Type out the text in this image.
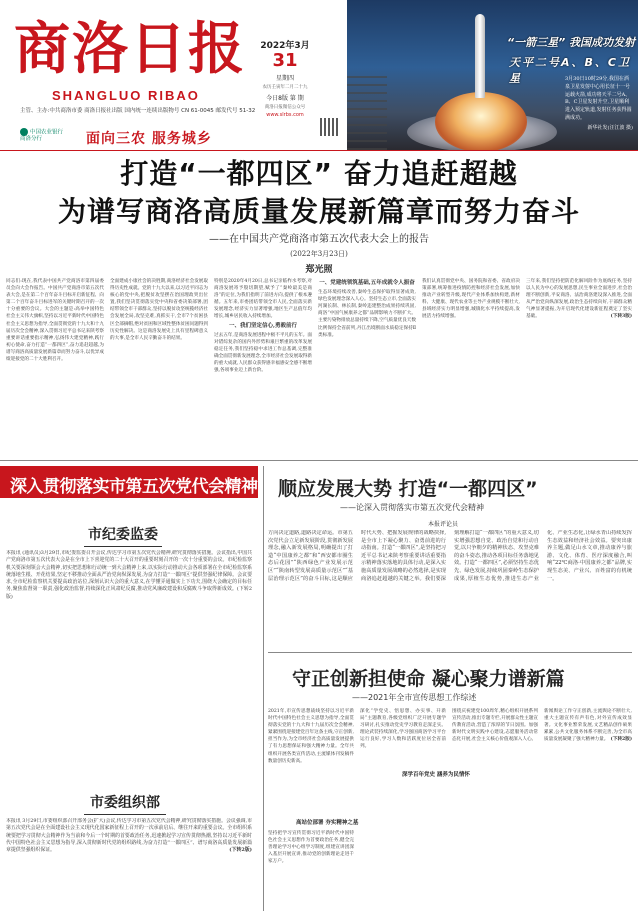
商洛日报
SHANGLUO RIBAO
主管、主办:中共商洛市委 商洛日报社出版 国内统一连续出版物号 CN 61-0045 邮发代号 51-32
中国农业银行
商洛分行	面向三农 服务城乡
2022年3月
31
星期四
农历壬寅年二月二十九
今日8版 第 期
商洛日报微信公众号
www.slrbs.com
“一箭三星” 我国成功发射
天平二号A、B、C卫星	3月30日10时29分,我国在酒泉卫星发射中心用长征十一号运载火箭,成功将天平二号A、B、C卫星发射升空,卫星顺利进入预定轨道,发射任务获得圆满成功。
新华社发(汪江波 摄)
打造“一都四区” 奋力追赶超越
为谱写商洛高质量发展新篇章而努力奋斗
——在中国共产党商洛市第五次代表大会上的报告
(2022年3月23日)
郑光照
同志们:现在,我代表中国共产党商洛市第四届委员会向大会作报告。中国共产党商洛市第五次代表大会,是在第二个百年奋斗目标开启新征程、向第二个百年奋斗目标进军的关键时期召开的一次十分重要的会议。大会的主题是:高举中国特色社会主义伟大旗帜,坚持以习近平新时代中国特色社会主义思想为指导,全面贯彻党的十九大和十九届历次全会精神,深入贯彻习近平总书记来陕考察重要讲话重要指示精神,弘扬伟大建党精神,践行初心使命,奋力打造“一都四区”,奋力追赶超越,为谱写商洛高质量发展新篇章而努力奋斗,以优异成绩迎接党的二十大胜利召开。
全面建成小康社会的决胜期,商洛经济社会发展取得历史性成就。党的十九大以来,以习近平同志为核心的党中央,把脱贫攻坚摆在治国理政突出位置,我们坚决贯彻落实党中央和省委决策部署,团结带领全市干部群众,坚持以脱贫攻坚统揽经济社会发展全局,攻坚克难,真抓实干,全市7个贫困县区全部摘帽,绝对贫困和区域性整体贫困问题得到历史性解决。这是商洛发展史上具有里程碑意义的大事,是全市人民辛勤奋斗的结果。
特别是2020年4月20日,总书记亲临柞水考察,对商洛发展寄予殷切期望,赋予了“秦岭最美是商洛”的定位,为我们指明了前进方向,提供了根本遵循。五年来,市委团结带领全市人民,全面落实新发展理念,经济实力显著增强,地区生产总值年均增长,城乡居民收入持续增加。
一、我们坚定信心,勇毅前行
过去五年,是商洛发展进程中极不平凡的五年。面对错综复杂的国内外形势和艰巨繁重的改革发展稳定任务,我们坚持稳中求进工作总基调,完整准确全面贯彻新发展理念,全市经济社会发展取得新的重大成就,人民群众获得感幸福感安全感不断增强,各项事业迈上新台阶。
一、党建统领筑基础,五年成就令人振奋
生态环境持续改善,秦岭生态保护取得显著成效,绿色发展理念深入人心。坚持生态立市,全面落实河湖长制、林长制,秦岭违建整治成果持续巩固,商洛“中国气候康养之都”品牌影响力不断扩大。主要污染物排放总量持续下降,空气质量优良天数比例保持全省前列,丹江出境断面水质稳定保持Ⅱ类标准。
我们认真贯彻党中央、国务院和省委、省政府决策部署,统筹推进疫情防控和经济社会发展,加快推动产业转型升级,现代产业体系加快构建,新材料、大健康、现代农业等主导产业规模不断壮大,县域经济实力明显增强,城镇化水平持续提高,发展活力持续增强。
三年来,我们坚持把防范化解风险作为底线任务,坚持以人民为中心的发展思想,民生事业全面进步,社会治理不断创新,平安商洛、法治商洛建设深入推进,全面从严治党向纵深发展,政治生态持续向好,干部群众精气神显著提振,为开启现代化建设新征程奠定了坚实基础。	(下转3版)
深入贯彻落实市第五次党代会精神
市纪委监委
本报讯 (通讯员)3月29日,市纪委监委召开会议,传达学习市第五次党代会精神,研究贯彻落实措施。会议指出,中国共产党商洛市第五次代表大会是在全市上下喜迎党的二十大召开的重要时刻召开的一次十分重要的会议。市纪检监察机关要深刻领会大会精神,切实把思想和行动统一到大会精神上来,以实际行动推动大会各项部署在全市纪检监察系统落地生根、开花结果,坚定不移推动全面从严治党向纵深发展,为奋力打造“一都四区”提供坚强纪律保障。会议要求,全市纪检监察机关要提高政治站位,深刻认识大会的重大意义,在学懂弄通做实上下功夫,围绕大会确定的目标任务,聚焦监督第一职责,强化政治监督,持续深化正风肃纪反腐,推动党风廉政建设和反腐败斗争取得新成效。(下转2版)
市委组织部
本报讯 3月29日,市委组织部召开部务会(扩大)会议,传达学习市第五次党代会精神,研究贯彻落实措施。会议强调,市第五次党代会是在全面建设社会主义现代化国家新征程上召开的一次承前启后、继往开来的重要会议。全市组织系统要把学习贯彻大会精神作为当前和今后一个时期的首要政治任务,迅速掀起学习宣传贯彻热潮,坚持以习近平新时代中国特色社会主义思想为指导,深入贯彻新时代党的组织路线,为奋力打造“一都四区”、谱写商洛高质量发展新篇章提供坚强组织保证。	(下转2版)
顺应发展大势 打造“一都四区”
——论深入贯彻落实市第五次党代会精神
本报评论员
方向决定道路,道路决定命运。市第五次党代会立足新发展阶段,贯彻新发展理念,融入新发展格局,明确提出了打造“中国康养之都”和“西安都市圈生态后花园”“陕西绿色产业发展示范区”“陕南转型发展高质量示范区”“基层治理示范区”的奋斗目标,这是顺应时代大势、把握发展规律的战略抉择,是全市上下凝心聚力、奋勇前进的行动指南。打造“一都四区”,是坚持把习近平总书记来陕考察重要讲话重要指示精神落实落地的具体行动,是深入实施高质量发展战略的必然选择,是实现商洛追赶超越的关键之举。我们要深刻理解打造“一都四区”的重大意义,切实增强思想自觉、政治自觉和行动自觉,以只争朝夕的精神状态、攻坚克难的奋斗姿态,推动各项目标任务落地见效。打造“一都四区”,必须坚持生态优先、绿色发展,持续巩固秦岭生态保护成果,厚植生态优势,推进生态产业化、产业生态化,让绿水青山持续发挥生态效益和经济社会效益。要突出康养主题,做足山水文章,推动康养与旅游、文化、体育、医疗深度融合,叫响“22℃商洛·中国康养之都”品牌,实现生态美、产业兴、百姓富的有机统一。
守正创新担使命 凝心聚力谱新篇
——2021年全市宣传思想工作综述
2021年,市宣传思想战线坚持以习近平新时代中国特色社会主义思想为指导,全面贯彻落实党的十九大和十九届历次全会精神,紧紧围绕迎接建党百年这条主线,守正创新,担当作为,为全市经济社会高质量发展提供了有力思想保证和强大精神力量。全年共组织开展各类宣传活动,主流媒体刊发稿件数量创历史新高。
高站位部署 夯实精神之基
坚持把学习宣传贯彻习近平新时代中国特色社会主义思想作为首要政治任务,健全完善理论学习中心组学习制度,组建宣讲团深入基层开展宣讲,推动党的创新理论走进千家万户。
深化“学党史、悟思想、办实事、开新局”主题教育,各级党组织广泛开展专题学习研讨,扎实推动党史学习教育走深走实。理论武装持续深化,学习强国商洛学习平台运行良好,学习人数和活跃度位居全省前列。
深学百年党史 涵养为民情怀
围绕庆祝建党100周年,精心组织开展系列宣传活动,推出专题专栏,开展群众性主题宣传教育活动,营造了浓厚的节日氛围。加强新时代文明实践中心建设,志愿服务活动常态化开展,社会主义核心价值观深入人心。
新闻舆论工作守正创新,主流舆论不断壮大,重大主题宣传有声有色,对外宣传成效显著。文化事业繁荣发展,文艺精品创作硕果累累,公共文化服务体系不断完善,为全市高质量发展凝聚了强大精神力量。 (下转2版)
